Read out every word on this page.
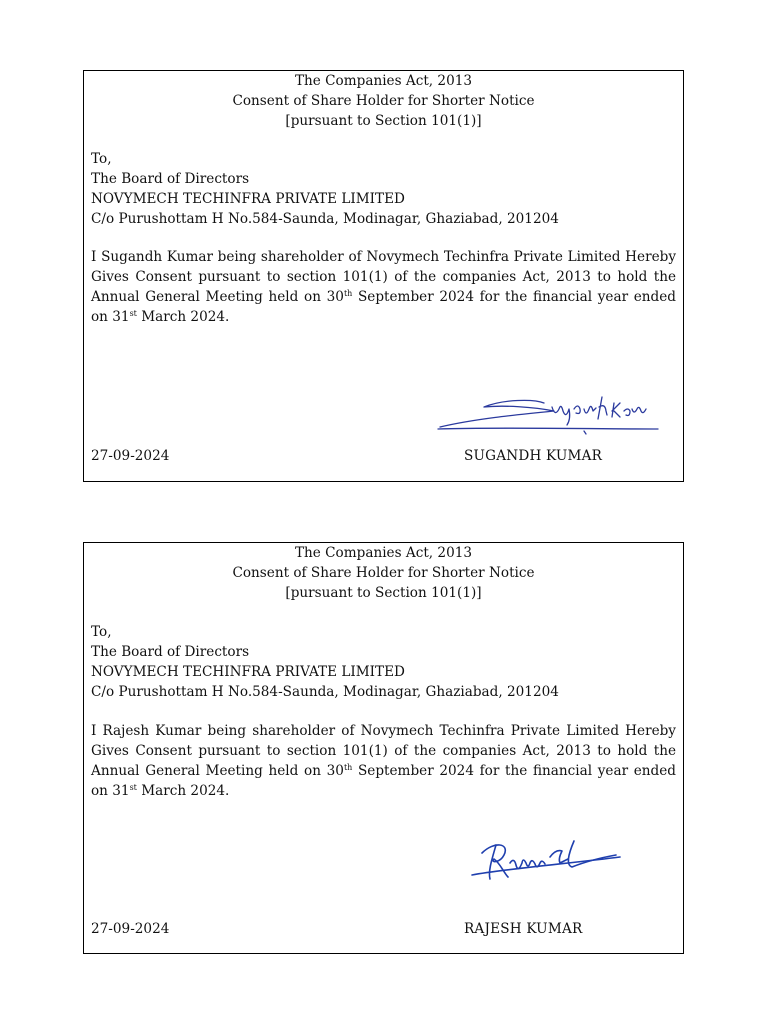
The Companies Act, 2013
Consent of Share Holder for Shorter Notice
[pursuant to Section 101(1)]
To,
The Board of Directors
NOVYMECH TECHINFRA PRIVATE LIMITED
C/o Purushottam H No.584-Saunda, Modinagar, Ghaziabad, 201204
I Sugandh Kumar being shareholder of Novymech Techinfra Private Limited Hereby Gives Consent pursuant to section 101(1) of the companies Act, 2013 to hold the Annual General Meeting held on 30th September 2024 for the financial year ended on 31st March 2024.
27-09-2024	SUGANDH KUMAR
The Companies Act, 2013
Consent of Share Holder for Shorter Notice
[pursuant to Section 101(1)]
To,
The Board of Directors
NOVYMECH TECHINFRA PRIVATE LIMITED
C/o Purushottam H No.584-Saunda, Modinagar, Ghaziabad, 201204
I Rajesh Kumar being shareholder of Novymech Techinfra Private Limited Hereby Gives Consent pursuant to section 101(1) of the companies Act, 2013 to hold the Annual General Meeting held on 30th September 2024 for the financial year ended on 31st March 2024.
27-09-2024	RAJESH KUMAR
